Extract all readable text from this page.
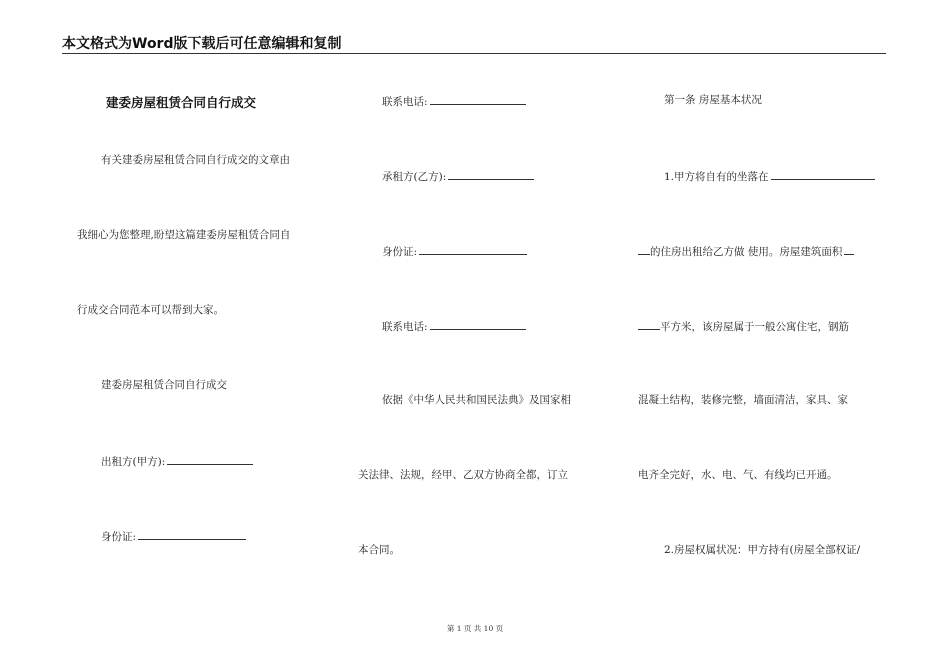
本文格式为Word版下载后可任意编辑和复制
建委房屋租赁合同自行成交
有关建委房屋租赁合同自行成交的文章由
我细心为您整理,盼望这篇建委房屋租赁合同自
行成交合同范本可以帮到大家。
建委房屋租赁合同自行成交
出租方(甲方):
身份证:
联系电话:
承租方(乙方):
身份证:
联系电话:
依据《中华人民共和国民法典》及国家相
关法律、法规，经甲、乙双方协商全都，订立
本合同。
第一条 房屋基本状况
1.甲方将自有的坐落在
的住房出租给乙方做 使用。房屋建筑面积
平方米，该房屋属于一般公寓住宅，钢筋
混凝土结构，装修完整，墙面清洁，家具、家
电齐全完好，水、电、气、有线均已开通。
2.房屋权属状况：甲方持有(房屋全部权证/
第 1 页 共 10 页
